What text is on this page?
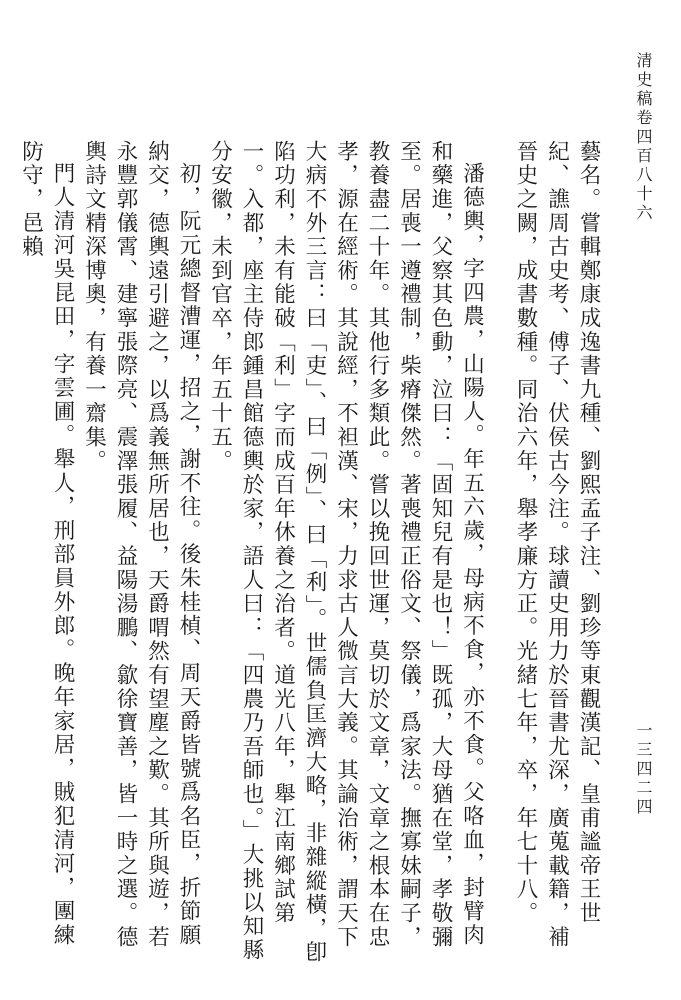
清史稿卷四百八十六
一三四二四

藝名。嘗輯鄭康成逸書九種、劉熙孟子注、劉珍等東觀漢記、皇甫謐帝王世紀、譙周古史考、傅子、伏侯古今注。球讀史用力於晉書尤深，廣蒐載籍，補晉史之闕，成書數種。同治六年，舉孝廉方正。光緒七年，卒，年七十八。

潘德輿，字四農，山陽人。年五六歲，母病不食，亦不食。父咯血，封臂肉和藥進，父察其色動，泣曰：「固知兒有是也！」既孤，大母猶在堂，孝敬彌至。居喪一遵禮制，柴瘠傑然。著喪禮正俗文、祭儀，爲家法。撫寡妹嗣子，教養盡二十年。其他行多類此。嘗以挽回世運，莫切於文章，文章之根本在忠孝，源在經術。其說經，不袒漢、宋，力求古人微言大義。其論治術，謂天下大病不外三言：曰「吏」、曰「例」、曰「利」。世儒負匡濟大略，非雜縱橫，卽陷功利，未有能破「利」字而成百年休養之治者。道光八年，舉江南鄉試第一。入都，座主侍郎鍾昌館德輿於家，語人曰：「四農乃吾師也。」大挑以知縣分安徽，未到官卒，年五十五。

初，阮元總督漕運，招之，謝不往。後朱桂楨、周天爵皆號爲名臣，折節願納交，德輿遠引避之，以爲義無所居也，天爵喟然有望塵之歎。其所與遊，若永豐郭儀霄、建寧張際亮、震澤張履、益陽湯鵬、歙徐寶善，皆一時之選。德輿詩文精深博奧，有養一齋集。

門人清河吳昆田，字雲圃。舉人，刑部員外郎。晚年家居，賊犯清河，團練防守，邑賴
